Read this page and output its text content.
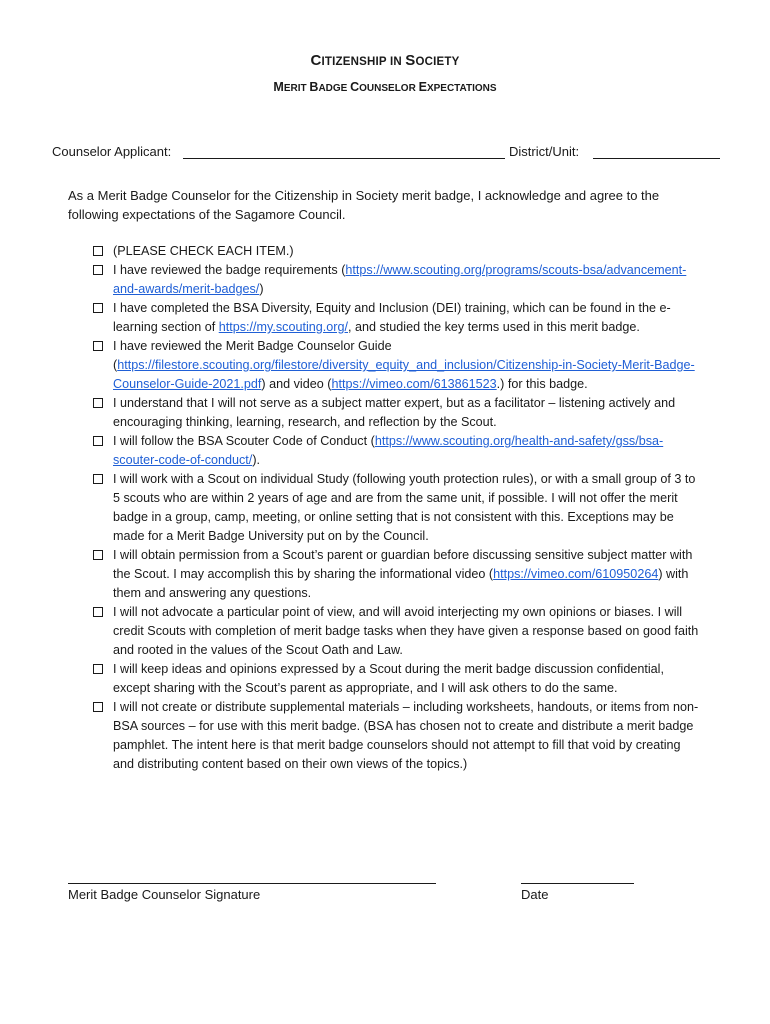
CITIZENSHIP IN SOCIETY
MERIT BADGE COUNSELOR EXPECTATIONS
Counselor Applicant:	District/Unit:
As a Merit Badge Counselor for the Citizenship in Society merit badge, I acknowledge and agree to the following expectations of the Sagamore Council.
(PLEASE CHECK EACH ITEM.)
I have reviewed the badge requirements (https://www.scouting.org/programs/scouts-bsa/advancement-and-awards/merit-badges/)
I have completed the BSA Diversity, Equity and Inclusion (DEI) training, which can be found in the e-learning section of https://my.scouting.org/, and studied the key terms used in this merit badge.
I have reviewed the Merit Badge Counselor Guide (https://filestore.scouting.org/filestore/diversity_equity_and_inclusion/Citizenship-in-Society-Merit-Badge-Counselor-Guide-2021.pdf) and video (https://vimeo.com/613861523.) for this badge.
I understand that I will not serve as a subject matter expert, but as a facilitator – listening actively and encouraging thinking, learning, research, and reflection by the Scout.
I will follow the BSA Scouter Code of Conduct (https://www.scouting.org/health-and-safety/gss/bsa-scouter-code-of-conduct/).
I will work with a Scout on individual Study (following youth protection rules), or with a small group of 3 to 5 scouts who are within 2 years of age and are from the same unit, if possible. I will not offer the merit badge in a group, camp, meeting, or online setting that is not consistent with this. Exceptions may be made for a Merit Badge University put on by the Council.
I will obtain permission from a Scout’s parent or guardian before discussing sensitive subject matter with the Scout. I may accomplish this by sharing the informational video (https://vimeo.com/610950264) with them and answering any questions.
I will not advocate a particular point of view, and will avoid interjecting my own opinions or biases. I will credit Scouts with completion of merit badge tasks when they have given a response based on good faith and rooted in the values of the Scout Oath and Law.
I will keep ideas and opinions expressed by a Scout during the merit badge discussion confidential, except sharing with the Scout’s parent as appropriate, and I will ask others to do the same.
I will not create or distribute supplemental materials – including worksheets, handouts, or items from non-BSA sources – for use with this merit badge. (BSA has chosen not to create and distribute a merit badge pamphlet. The intent here is that merit badge counselors should not attempt to fill that void by creating and distributing content based on their own views of the topics.)
Merit Badge Counselor Signature	Date
